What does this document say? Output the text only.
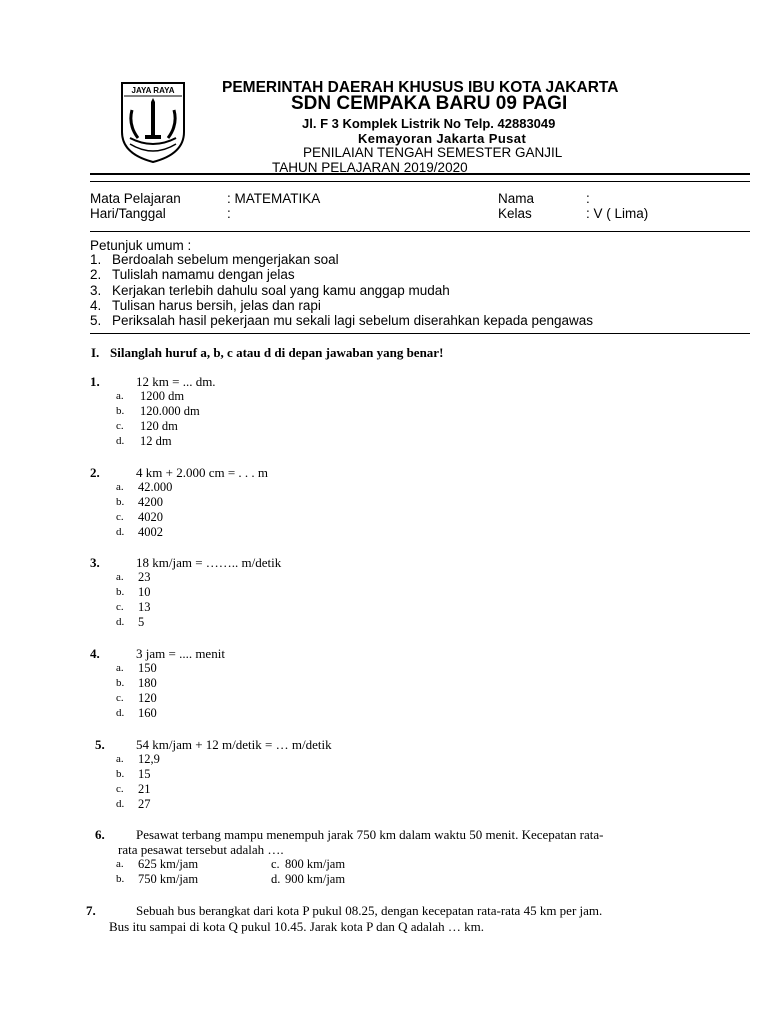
JAYA RAYA	PEMERINTAH DAERAH KHUSUS IBU KOTA JAKARTA
SDN CEMPAKA BARU 09 PAGI
Jl. F 3 Komplek Listrik No Telp. 42883049
Kemayoran Jakarta Pusat
PENILAIAN TENGAH SEMESTER GANJIL
TAHUN PELAJARAN 2019/2020
Mata Pelajaran	: MATEMATIKA	Nama	:
Hari/Tanggal	:	Kelas	: V ( Lima)
Petunjuk umum :
1. Berdoalah sebelum mengerjakan soal
2. Tulislah namamu dengan jelas
3. Kerjakan terlebih dahulu soal yang kamu anggap mudah
4. Tulisan harus bersih, jelas dan rapi
5. Periksalah hasil pekerjaan mu sekali lagi sebelum diserahkan kepada pengawas
I. Silanglah huruf a, b, c atau d di depan jawaban yang benar!
1.	12 km = ... dm.
a. 1200 dm
b. 120.000 dm
c. 120 dm
d. 12 dm
2.	4 km + 2.000 cm = . . . m
a. 42.000
b. 4200
c. 4020
d. 4002
3.	18 km/jam = …….. m/detik
a. 23
b. 10
c. 13
d. 5
4.	3 jam = .... menit
a. 150
b. 180
c. 120
d. 160
5. 54 km/jam + 12 m/detik = … m/detik
a. 12,9
b. 15
c. 21
d. 27
6. Pesawat terbang mampu menempuh jarak 750 km dalam waktu 50 menit. Kecepatan rata-
rata pesawat tersebut adalah ….
a. 625 km/jam	c. 800 km/jam
b. 750 km/jam	d. 900 km/jam
7.	Sebuah bus berangkat dari kota P pukul 08.25, dengan kecepatan rata-rata 45 km per jam.
Bus itu sampai di kota Q pukul 10.45. Jarak kota P dan Q adalah … km.
